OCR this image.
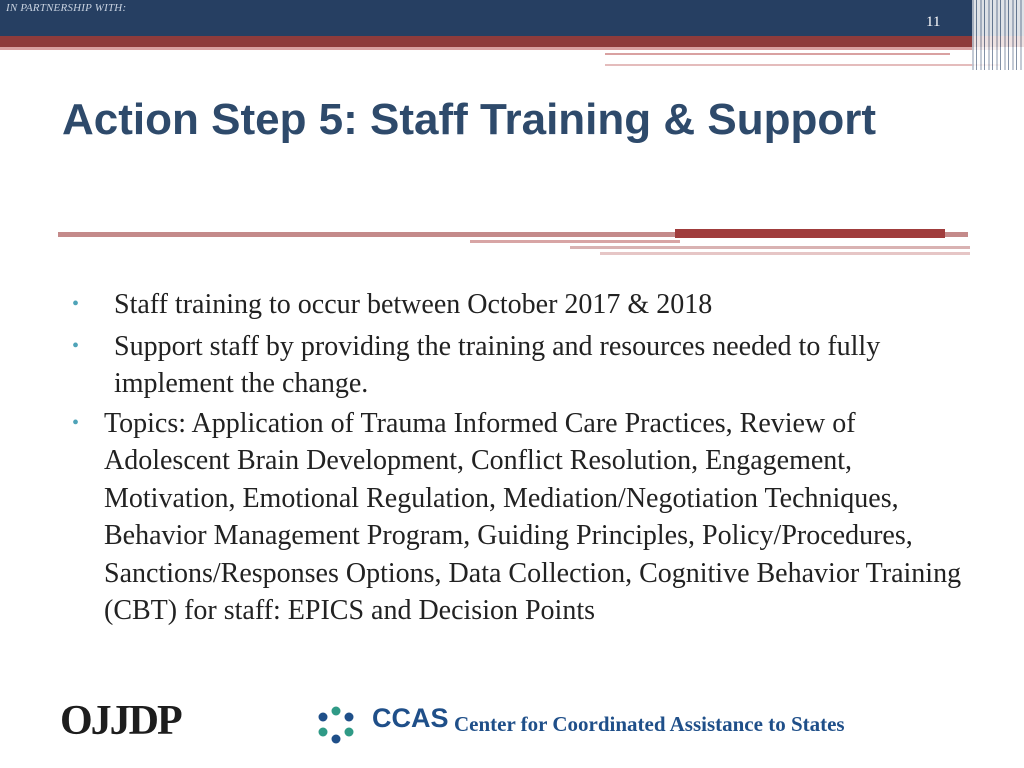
IN PARTNERSHIP WITH:
11
Action Step 5: Staff Training & Support
• Staff training to occur between October 2017 & 2018
• Support staff by providing the training and resources needed to fully implement the change.
• Topics: Application of Trauma Informed Care Practices, Review of Adolescent Brain Development, Conflict Resolution, Engagement, Motivation, Emotional Regulation, Mediation/Negotiation Techniques, Behavior Management Program, Guiding Principles, Policy/Procedures, Sanctions/Responses Options, Data Collection, Cognitive Behavior Training (CBT) for staff: EPICS and Decision Points
OJJDP	CCAS Center for Coordinated Assistance to States
